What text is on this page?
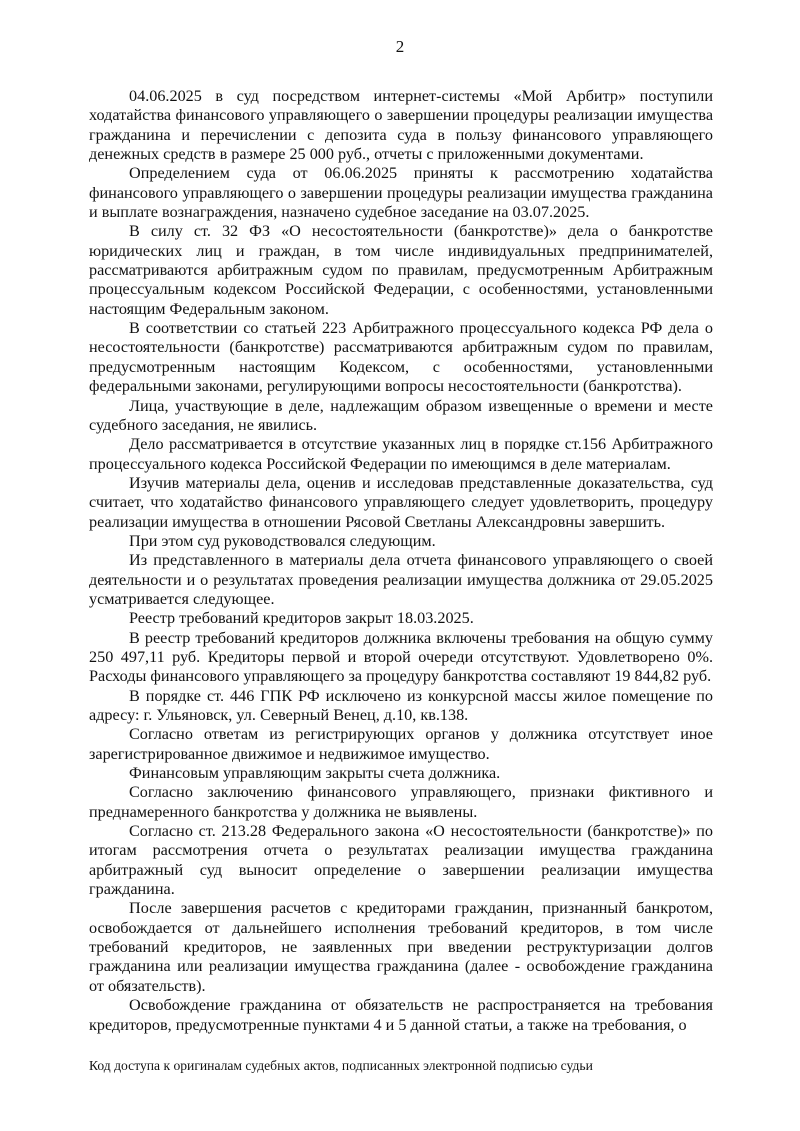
2

04.06.2025 в суд посредством интернет-системы «Мой Арбитр» поступили ходатайства финансового управляющего о завершении процедуры реализации имущества гражданина и перечислении с депозита суда в пользу финансового управляющего денежных средств в размере 25 000 руб., отчеты с приложенными документами.

Определением суда от 06.06.2025 приняты к рассмотрению ходатайства финансового управляющего о завершении процедуры реализации имущества гражданина и выплате вознаграждения, назначено судебное заседание на 03.07.2025.

В силу ст. 32 ФЗ «О несостоятельности (банкротстве)» дела о банкротстве юридических лиц и граждан, в том числе индивидуальных предпринимателей, рассматриваются арбитражным судом по правилам, предусмотренным Арбитражным процессуальным кодексом Российской Федерации, с особенностями, установленными настоящим Федеральным законом.

В соответствии со статьей 223 Арбитражного процессуального кодекса РФ дела о несостоятельности (банкротстве) рассматриваются арбитражным судом по правилам, предусмотренным настоящим Кодексом, с особенностями, установленными федеральными законами, регулирующими вопросы несостоятельности (банкротства).

Лица, участвующие в деле, надлежащим образом извещенные о времени и месте судебного заседания, не явились.

Дело рассматривается в отсутствие указанных лиц в порядке ст.156 Арбитражного процессуального кодекса Российской Федерации по имеющимся в деле материалам.

Изучив материалы дела, оценив и исследовав представленные доказательства, суд считает, что ходатайство финансового управляющего следует удовлетворить, процедуру реализации имущества в отношении Рясовой Светланы Александровны завершить.

При этом суд руководствовался следующим.

Из представленного в материалы дела отчета финансового управляющего о своей деятельности и о результатах проведения реализации имущества должника от 29.05.2025 усматривается следующее.

Реестр требований кредиторов закрыт 18.03.2025.

В реестр требований кредиторов должника включены требования на общую сумму 250 497,11 руб. Кредиторы первой и второй очереди отсутствуют. Удовлетворено 0%. Расходы финансового управляющего за процедуру банкротства составляют 19 844,82 руб.

В порядке ст. 446 ГПК РФ исключено из конкурсной массы жилое помещение по адресу: г. Ульяновск, ул. Северный Венец, д.10, кв.138.

Согласно ответам из регистрирующих органов у должника отсутствует иное зарегистрированное движимое и недвижимое имущество.

Финансовым управляющим закрыты счета должника.

Согласно заключению финансового управляющего, признаки фиктивного и преднамеренного банкротства у должника не выявлены.

Согласно ст. 213.28 Федерального закона «О несостоятельности (банкротстве)» по итогам рассмотрения отчета о результатах реализации имущества гражданина арбитражный суд выносит определение о завершении реализации имущества гражданина.

После завершения расчетов с кредиторами гражданин, признанный банкротом, освобождается от дальнейшего исполнения требований кредиторов, в том числе требований кредиторов, не заявленных при введении реструктуризации долгов гражданина или реализации имущества гражданина (далее - освобождение гражданина от обязательств).

Освобождение гражданина от обязательств не распространяется на требования кредиторов, предусмотренные пунктами 4 и 5 данной статьи, а также на требования, о

Код доступа к оригиналам судебных актов, подписанных электронной подписью судьи
